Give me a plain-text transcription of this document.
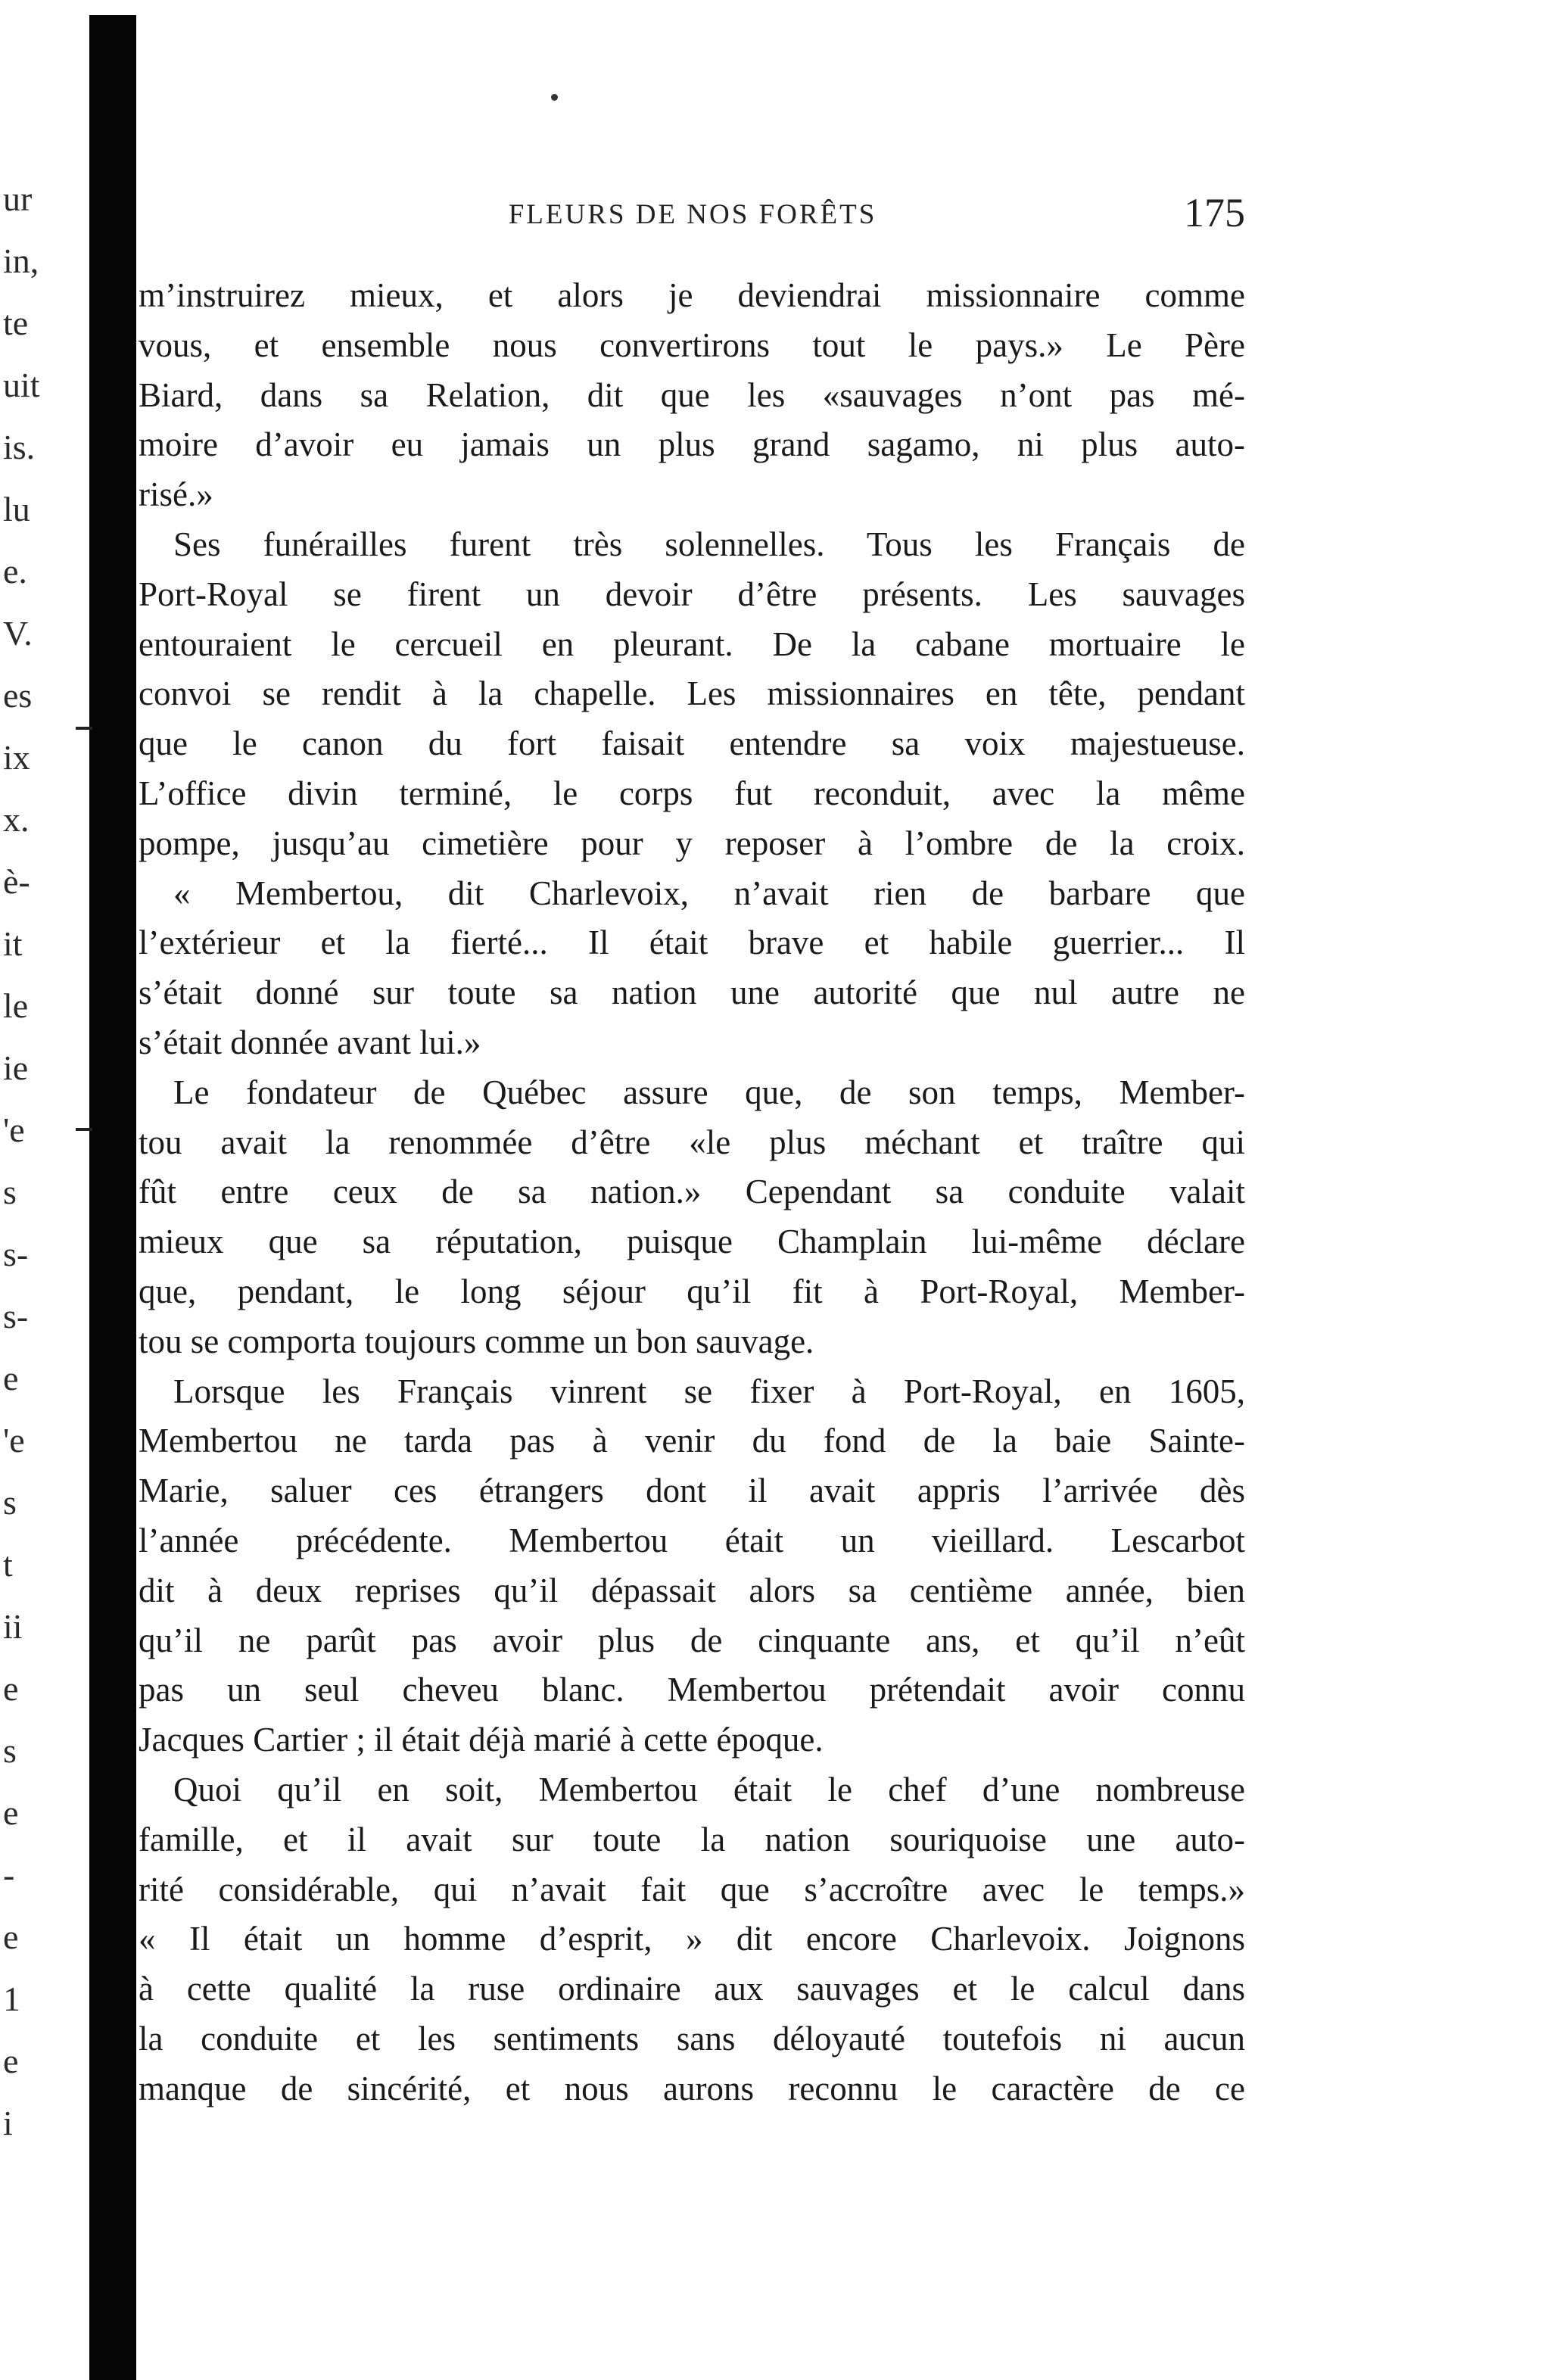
ur
in,
te
uit
is.
lu
e.
V.
es
ix
x.
è-
it
le
ie
'e
s
s-
s-
e
'e
s
t
ii
e
s
e
-
e
1
e
i
FLEURS DE NOS FORÊTS	175
m’instruirez mieux, et alors je deviendrai missionnaire comme
vous, et ensemble nous convertirons tout le pays.» Le Père
Biard, dans sa Relation, dit que les «sauvages n’ont pas mé-
moire d’avoir eu jamais un plus grand sagamo, ni plus auto-
risé.»
Ses funérailles furent très solennelles. Tous les Français de
Port-Royal se firent un devoir d’être présents. Les sauvages
entouraient le cercueil en pleurant. De la cabane mortuaire le
convoi se rendit à la chapelle. Les missionnaires en tête, pendant
que le canon du fort faisait entendre sa voix majestueuse.
L’office divin terminé, le corps fut reconduit, avec la même
pompe, jusqu’au cimetière pour y reposer à l’ombre de la croix.
« Membertou, dit Charlevoix, n’avait rien de barbare que
l’extérieur et la fierté... Il était brave et habile guerrier... Il
s’était donné sur toute sa nation une autorité que nul autre ne
s’était donnée avant lui.»
Le fondateur de Québec assure que, de son temps, Member-
tou avait la renommée d’être «le plus méchant et traître qui
fût entre ceux de sa nation.» Cependant sa conduite valait
mieux que sa réputation, puisque Champlain lui-même déclare
que, pendant, le long séjour qu’il fit à Port-Royal, Member-
tou se comporta toujours comme un bon sauvage.
Lorsque les Français vinrent se fixer à Port-Royal, en 1605,
Membertou ne tarda pas à venir du fond de la baie Sainte-
Marie, saluer ces étrangers dont il avait appris l’arrivée dès
l’année précédente. Membertou était un vieillard. Lescarbot
dit à deux reprises qu’il dépassait alors sa centième année, bien
qu’il ne parût pas avoir plus de cinquante ans, et qu’il n’eût
pas un seul cheveu blanc. Membertou prétendait avoir connu
Jacques Cartier ; il était déjà marié à cette époque.
Quoi qu’il en soit, Membertou était le chef d’une nombreuse
famille, et il avait sur toute la nation souriquoise une auto-
rité considérable, qui n’avait fait que s’accroître avec le temps.»
« Il était un homme d’esprit, » dit encore Charlevoix. Joignons
à cette qualité la ruse ordinaire aux sauvages et le calcul dans
la conduite et les sentiments sans déloyauté toutefois ni aucun
manque de sincérité, et nous aurons reconnu le caractère de ce
